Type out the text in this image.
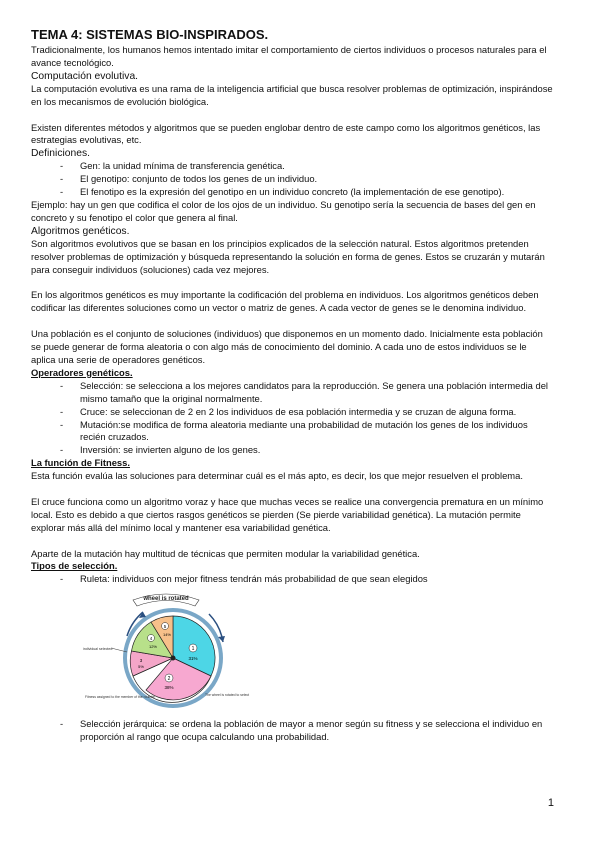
TEMA 4: SISTEMAS BIO-INSPIRADOS.

Tradicionalmente, los humanos hemos intentado imitar el comportamiento de ciertos individuos o procesos naturales para el avance tecnológico.

Computación evolutiva.

La computación evolutiva es una rama de la inteligencia artificial que busca resolver problemas de optimización, inspirándose en los mecanismos de evolución biológica.

Existen diferentes métodos y algoritmos que se pueden englobar dentro de este campo como los algoritmos genéticos, las estrategias evolutivas, etc.

Definiciones.

- Gen: la unidad mínima de transferencia genética.
- El genotipo: conjunto de todos los genes de un individuo.
- El fenotipo es la expresión del genotipo en un individuo concreto (la implementación de ese genotipo).

Ejemplo: hay un gen que codifica el color de los ojos de un individuo. Su genotipo sería la secuencia de bases del gen en concreto y su fenotipo el color que genera al final.

Algoritmos genéticos.

Son algoritmos evolutivos que se basan en los principios explicados de la selección natural. Estos algoritmos pretenden resolver problemas de optimización y búsqueda representando la solución en forma de genes. Estos se cruzarán y mutarán para conseguir individuos (soluciones) cada vez mejores.

En los algoritmos genéticos es muy importante la codificación del problema en individuos. Los algoritmos genéticos deben codificar las diferentes soluciones como un vector o matriz de genes. A cada vector de genes se le denomina individuo.

Una población es el conjunto de soluciones (individuos) que disponemos en un momento dado. Inicialmente esta población se puede generar de forma aleatoria o con algo más de conocimiento del dominio. A cada uno de estos individuos se le aplica una serie de operadores genéticos.

Operadores genéticos.

- Selección: se selecciona a los mejores candidatos para la reproducción. Se genera una población intermedia del mismo tamaño que la original normalmente.
- Cruce: se seleccionan de 2 en 2 los individuos de esa población intermedia y se cruzan de alguna forma.
- Mutación:se modifica de forma aleatoria mediante una probabilidad de mutación los genes de los individuos recién cruzados.
- Inversión: se invierten alguno de los genes.

La función de Fitness.

Esta función evalúa las soluciones para determinar cuál es el más apto, es decir, los que mejor resuelven el problema.

El cruce funciona como un algoritmo voraz y hace que muchas veces se realice una convergencia prematura en un mínimo local. Esto es debido a que ciertos rasgos genéticos se pierden (Se pierde variabilidad genética). La mutación permite explorar más allá del mínimo local y mantener esa variabilidad genética.

Aparte de la mutación hay multitud de técnicas que permiten modular la variabilidad genética.

Tipos de selección.

- Ruleta: individuos con mejor fitness tendrán más probabilidad de que sean elegidos
wheel is rotated
1
31%
2
38%
3
5%
4
12%
5
14%
individual selected
Fitness assigned to the member of the roulette	The wheel is rotated to select
- Selección jerárquica: se ordena la población de mayor a menor según su fitness y se selecciona el individuo en proporción al rango que ocupa calculando una probabilidad.
1
